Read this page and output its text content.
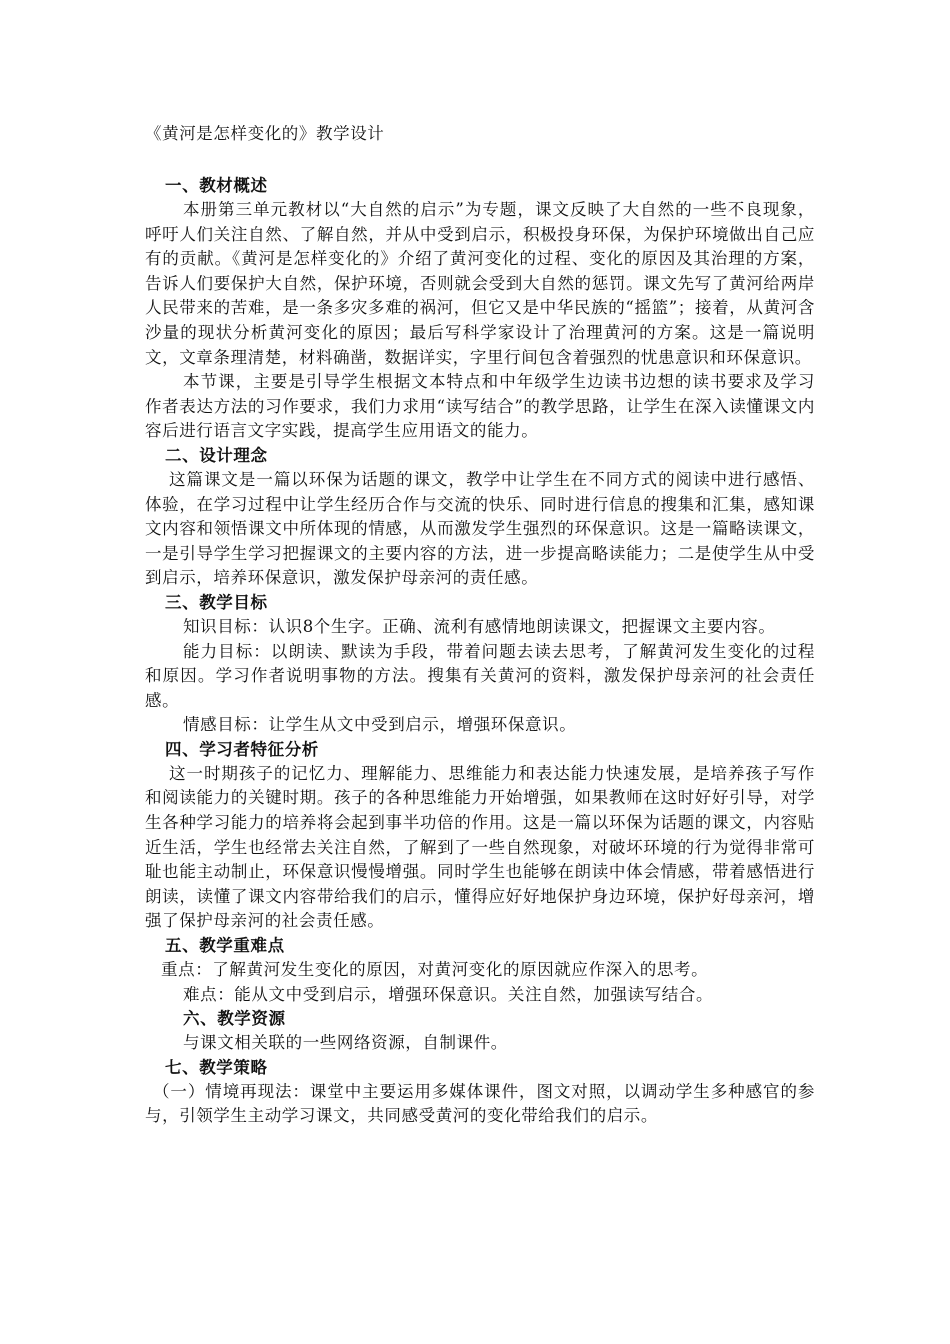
《黄河是怎样变化的》教学设计
一、教材概述

本册第三单元教材以“大自然的启示”为专题，课文反映了大自然的一些不良现象，呼吁人们关注自然、了解自然，并从中受到启示，积极投身环保，为保护环境做出自己应有的贡献。《黄河是怎样变化的》介绍了黄河变化的过程、变化的原因及其治理的方案，告诉人们要保护大自然，保护环境，否则就会受到大自然的惩罚。课文先写了黄河给两岸人民带来的苦难，是一条多灾多难的祸河，但它又是中华民族的“摇篮”；接着，从黄河含沙量的现状分析黄河变化的原因；最后写科学家设计了治理黄河的方案。这是一篇说明文，文章条理清楚，材料确凿，数据详实，字里行间包含着强烈的忧患意识和环保意识。

本节课，主要是引导学生根据文本特点和中年级学生边读书边想的读书要求及学习作者表达方法的习作要求，我们力求用“读写结合”的教学思路，让学生在深入读懂课文内容后进行语言文字实践，提高学生应用语文的能力。

二、设计理念

这篇课文是一篇以环保为话题的课文，教学中让学生在不同方式的阅读中进行感悟、体验，在学习过程中让学生经历合作与交流的快乐、同时进行信息的搜集和汇集，感知课文内容和领悟课文中所体现的情感，从而激发学生强烈的环保意识。这是一篇略读课文，一是引导学生学习把握课文的主要内容的方法，进一步提高略读能力；二是使学生从中受到启示，培养环保意识，激发保护母亲河的责任感。

三、教学目标

知识目标：认识8个生字。正确、流利有感情地朗读课文，把握课文主要内容。

能力目标：以朗读、默读为手段，带着问题去读去思考，了解黄河发生变化的过程和原因。学习作者说明事物的方法。搜集有关黄河的资料，激发保护母亲河的社会责任感。

情感目标：让学生从文中受到启示，增强环保意识。

四、学习者特征分析

这一时期孩子的记忆力、理解能力、思维能力和表达能力快速发展，是培养孩子写作和阅读能力的关键时期。孩子的各种思维能力开始增强，如果教师在这时好好引导，对学生各种学习能力的培养将会起到事半功倍的作用。这是一篇以环保为话题的课文，内容贴近生活，学生也经常去关注自然，了解到了一些自然现象，对破坏环境的行为觉得非常可耻也能主动制止，环保意识慢慢增强。同时学生也能够在朗读中体会情感，带着感悟进行朗读，读懂了课文内容带给我们的启示，懂得应好好地保护身边环境，保护好母亲河，增强了保护母亲河的社会责任感。

五、教学重难点

重点：了解黄河发生变化的原因，对黄河变化的原因就应作深入的思考。

难点：能从文中受到启示，增强环保意识。关注自然，加强读写结合。

六、教学资源

与课文相关联的一些网络资源，自制课件。

七、教学策略

（一）情境再现法：课堂中主要运用多媒体课件，图文对照，以调动学生多种感官的参与，引领学生主动学习课文，共同感受黄河的变化带给我们的启示。
